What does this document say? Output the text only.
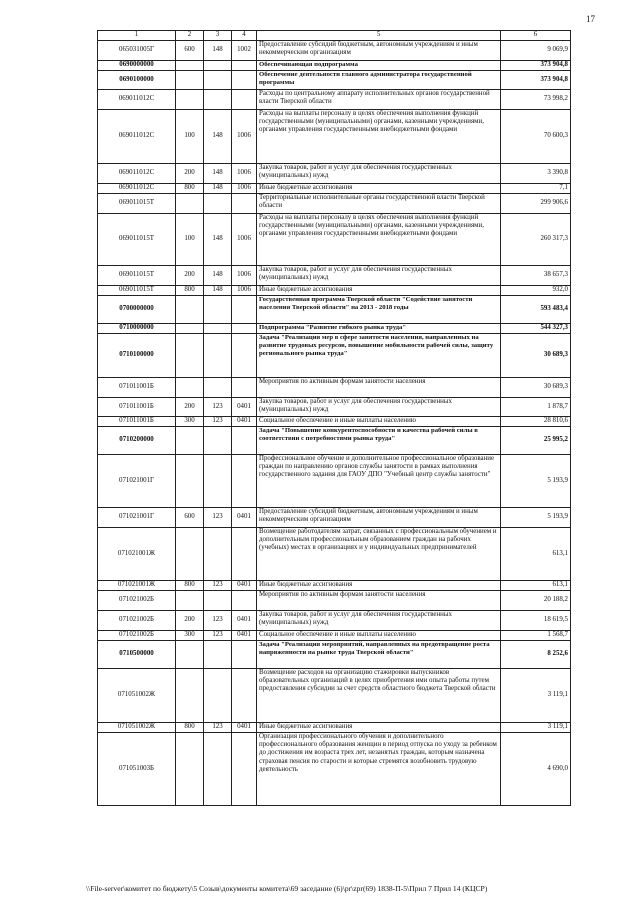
17
1	2	3	4	5	6
065031005Г	600	148	1002	Предоставление субсидий бюджетным, автономным учреждениям и иным некоммерческим организациям	9 069,9
0690000000				Обеспечивающая подпрограмма	373 904,8
0690100000				Обеспечение деятельности главного администратора государственной программы	373 904,8
069011012С				Расходы по центральному аппарату исполнительных органов государственной власти Тверской области	73 998,2
069011012С	100	148	1006	Расходы на выплаты персоналу в целях обеспечения выполнения функций государственными (муниципальными) органами, казенными учреждениями, органами управления государственными внебюджетными фондами	70 600,3
069011012С	200	148	1006	Закупка товаров, работ и услуг для обеспечения государственных (муниципальных) нужд	3 390,8
069011012С	800	148	1006	Иные бюджетные ассигнования	7,1
069011015Т				Территориальные исполнительные органы государственной власти Тверской области	299 906,6
069011015Т	100	148	1006	Расходы на выплаты персоналу в целях обеспечения выполнения функций государственными (муниципальными) органами, казенными учреждениями, органами управления государственными внебюджетными фондами	260 317,3
069011015Т	200	148	1006	Закупка товаров, работ и услуг для обеспечения государственных (муниципальных) нужд	38 657,3
069011015Т	800	148	1006	Иные бюджетные ассигнования	932,0
0700000000				Государственная программа Тверской области "Содействие занятости населения Тверской области" на 2013 - 2018 годы	593 483,4
0710000000				Подпрограмма "Развитие гибкого рынка труда"	544 327,3
0710100000				Задача "Реализация мер в сфере занятости населения, направленных на развитие трудовых ресурсов, повышение мобильности рабочей силы, защиту регионального рынка труда"	30 689,3
071011001Б				Мероприятия по активным формам занятости населения	30 689,3
071011001Б	200	123	0401	Закупка товаров, работ и услуг для обеспечения государственных (муниципальных) нужд	1 878,7
071011001Б	300	123	0401	Социальное обеспечение и иные выплаты населению	28 810,6
0710200000				Задача "Повышение конкурентоспособности и качества рабочей силы в соответствии с потребностями рынка труда"	25 995,2
071021001Г				Профессиональное обучение и дополнительное профессиональное образование граждан по направлению органов службы занятости в рамках выполнения государственного задания для ГАОУ ДПО "Учебный центр службы занятости"	5 193,9
071021001Г	600	123	0401	Предоставление субсидий бюджетным, автономным учреждениям и иным некоммерческим организациям	5 193,9
071021001Ж				Возмещение работодателям затрат, связанных с профессиональным обучением и дополнительным профессиональным образованием граждан на рабочих (учебных) местах в организациях и у индивидуальных предпринимателей	613,1
071021001Ж	800	123	0401	Иные бюджетные ассигнования	613,1
071021002Б				Мероприятия по активным формам занятости населения	20 188,2
071021002Б	200	123	0401	Закупка товаров, работ и услуг для обеспечения государственных (муниципальных) нужд	18 619,5
071021002Б	300	123	0401	Социальное обеспечение и иные выплаты населению	1 568,7
0710500000				Задача "Реализация мероприятий, направленных на предотвращение роста напряженности на рынке труда Тверской области"	8 252,6
071051002Ж				Возмещение расходов на организацию стажировки выпускников образовательных организаций в целях приобретения ими опыта работы путем предоставления субсидии за счет средств областного бюджета Тверской области	3 119,1
071051002Ж	800	123	0401	Иные бюджетные ассигнования	3 119,1
071051003Б				Организация профессионального обучения и дополнительного профессионального образования женщин в период отпуска по уходу за ребенком до достижения им возраста трех лет, незанятых граждан, которым назначена страховая пенсия по старости и которые стремятся возобновить трудовую деятельность	4 690,0
\\File-server\комитет по бюджету\5 Созыв\документы комитета\69 заседание (6)\pr\zpr(69) 1838-П-5\Прил 7 Прил 14 (КЦСР)
